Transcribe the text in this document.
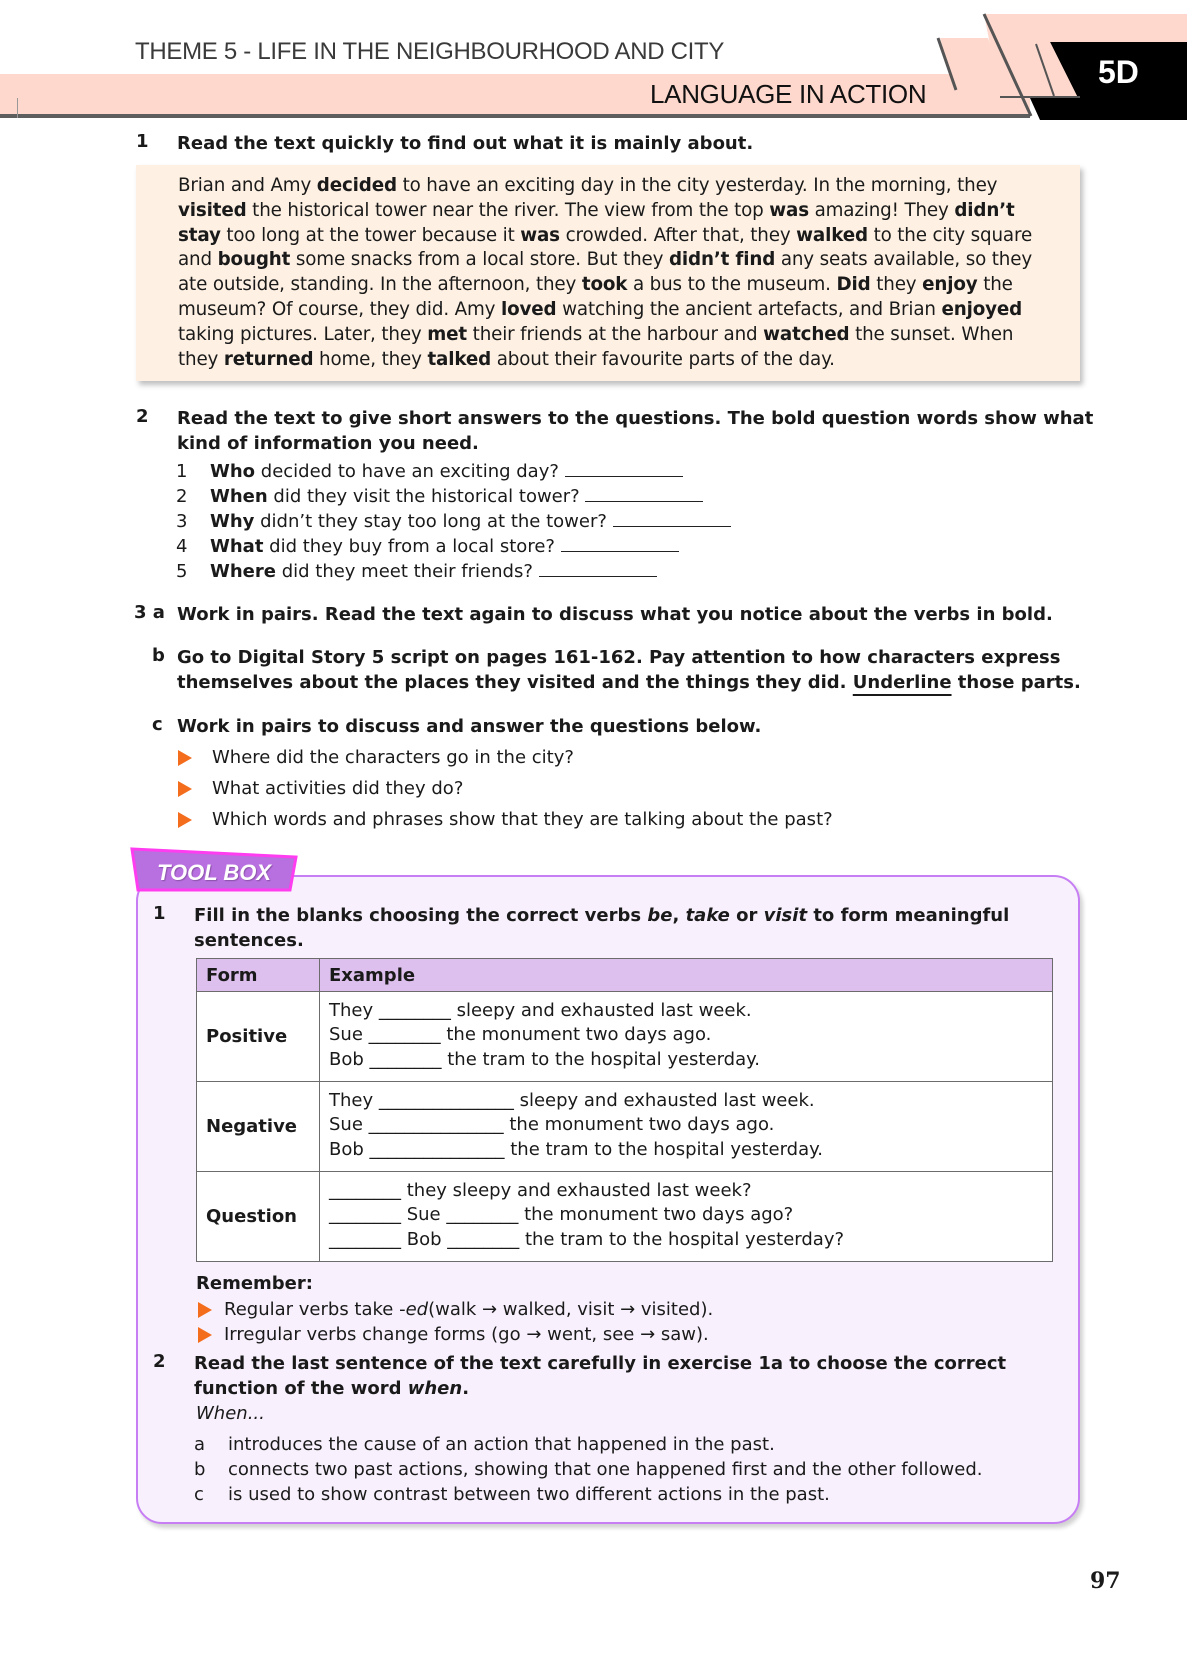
THEME 5 - LIFE IN THE NEIGHBOURHOOD AND CITY
LANGUAGE IN ACTION
5D
1 Read the text quickly to find out what it is mainly about.

Brian and Amy decided to have an exciting day in the city yesterday. In the morning, they visited the historical tower near the river. The view from the top was amazing! They didn’t stay too long at the tower because it was crowded. After that, they walked to the city square and bought some snacks from a local store. But they didn’t find any seats available, so they ate outside, standing. In the afternoon, they took a bus to the museum. Did they enjoy the museum? Of course, they did. Amy loved watching the ancient artefacts, and Brian enjoyed taking pictures. Later, they met their friends at the harbour and watched the sunset. When they returned home, they talked about their favourite parts of the day.

2 Read the text to give short answers to the questions. The bold question words show what
kind of information you need.
1	Who decided to have an exciting day?
2	When did they visit the historical tower?
3	Why didn’t they stay too long at the tower?
4	What did they buy from a local store?
5	Where did they meet their friends?
3 a Work in pairs. Read the text again to discuss what you notice about the verbs in bold.
b Go to Digital Story 5 script on pages 161-162. Pay attention to how characters express
themselves about the places they visited and the things they did. Underline those parts.
c Work in pairs to discuss and answer the questions below.
Where did the characters go in the city?
What activities did they do?
Which words and phrases show that they are talking about the past?
TOOL BOX
1 Fill in the blanks choosing the correct verbs be, take or visit to form meaningful
sentences.
Form	Example
Positive	They ________ sleepy and exhausted last week.
Sue ________ the monument two days ago.
Bob ________ the tram to the hospital yesterday.

Negative	They _______________ sleepy and exhausted last week.
Sue _______________ the monument two days ago.
Bob _______________ the tram to the hospital yesterday.

Question	________ they sleepy and exhausted last week?
________ Sue ________ the monument two days ago?
________ Bob ________ the tram to the hospital yesterday?
Remember:
Regular verbs take - ed (walk → walked, visit → visited).
Irregular verbs change forms (go → went, see → saw).
2 Read the last sentence of the text carefully in exercise 1a to choose the correct
function of the word when.
When...
a	introduces the cause of an action that happened in the past.
b	connects two past actions, showing that one happened first and the other followed.
c	is used to show contrast between two different actions in the past.
97
